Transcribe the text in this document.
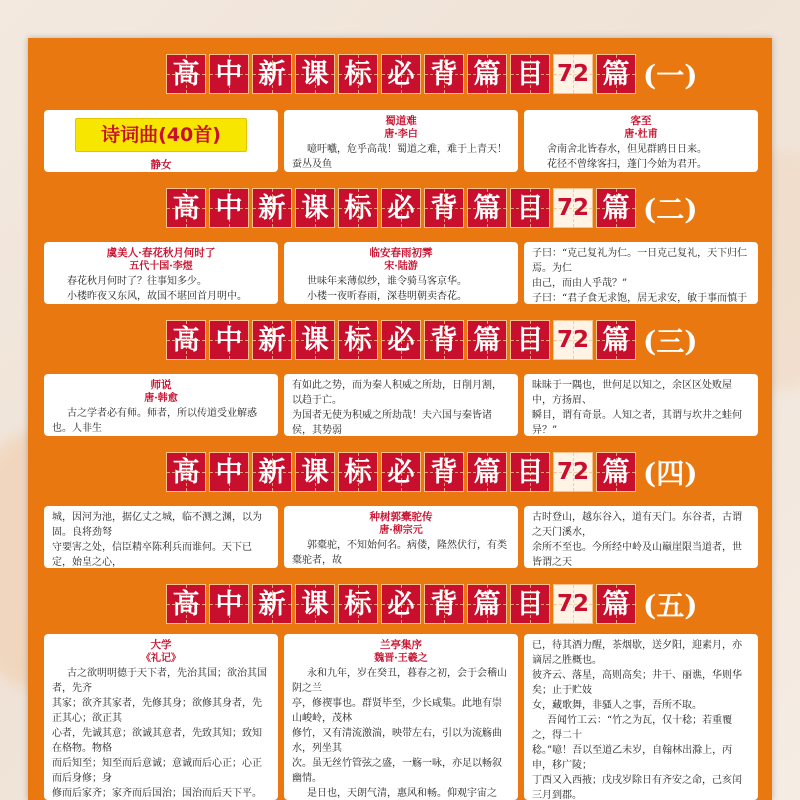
高 中 新 课 标 必 背 篇 目 72 篇 (一)
诗词曲(40首)
静女
蜀道难
唐·李白

噫吁嚱，危乎高哉！蜀道之难，难于上青天！蚕丛及鱼

客至
唐·杜甫

舍南舍北皆春水，但见群鸥日日来。

花径不曾缘客扫，蓬门今始为君开。

高 中 新 课 标 必 背 篇 目 72 篇 (二)
虞美人·春花秋月何时了
五代十国·李煜

春花秋月何时了？往事知多少。

小楼昨夜又东风，故国不堪回首月明中。

临安春雨初霁
宋·陆游

世味年来薄似纱，谁令骑马客京华。

小楼一夜听春雨，深巷明朝卖杏花。

子曰：“克己复礼为仁。一日克己复礼，天下归仁焉。为仁

由己，而由人乎哉？”

子曰：“君子食无求饱，居无求安，敏于事而慎于

高 中 新 课 标 必 背 篇 目 72 篇 (三)
师说
唐·韩愈

古之学者必有师。师者，所以传道受业解惑也。人非生

有如此之势，而为秦人积威之所劫，日削月割，以趋于亡。

为国者无使为积威之所劫哉！夫六国与秦皆诸侯，其势弱

昧昧于一隅也，世何足以知之，余区区处败屋中，方扬眉、

瞬目，谓有奇景。人知之者，其谓与坎井之蛙何异？”

高 中 新 课 标 必 背 篇 目 72 篇 (四)

城，因河为池，据亿丈之城，临不测之渊，以为固。良将劲弩

守要害之处，信臣精卒陈利兵而谁何。天下已定，始皇之心，

种树郭橐驼传
唐·柳宗元

郭橐驼，不知始何名。病偻，隆然伏行，有类橐驼者，故

古时登山，越东谷入，道有天门。东谷者，古谓之天门溪水，

余所不至也。今所经中岭及山巅崖限当道者，世皆谓之天

高 中 新 课 标 必 背 篇 目 72 篇 (五)
大学
《礼记》

古之欲明明德于天下者，先治其国；欲治其国者，先齐

其家；欲齐其家者，先修其身；欲修其身者，先正其心；欲正其

心者，先诚其意；欲诚其意者，先致其知；致知在格物。物格

而后知至；知至而后意诚；意诚而后心正；心正而后身修；身

修而后家齐；家齐而后国治；国治而后天下平。

兰亭集序
魏晋·王羲之

永和九年，岁在癸丑，暮春之初，会于会稽山阴之兰

亭，修禊事也。群贤毕至，少长咸集。此地有崇山峻岭，茂林

修竹，又有清流激湍，映带左右，引以为流觞曲水，列坐其

次。虽无丝竹管弦之盛，一觞一咏，亦足以畅叙幽情。

是日也，天朗气清，惠风和畅。仰观宇宙之

已，待其酒力醒，茶烟歇，送夕阳，迎素月，亦谪居之胜概也。

彼齐云、落星，高则高矣；井干、丽谯，华则华矣；止于贮妓

女，藏歌舞，非骚人之事，吾所不取。

吾闻竹工云：“竹之为瓦，仅十稔；若重覆之，得二十

稔。”噫！吾以至道乙未岁，自翰林出滁上，丙申，移广陵；

丁酉又入西掖；戊戌岁除日有齐安之命，己亥闰三月到郡。
